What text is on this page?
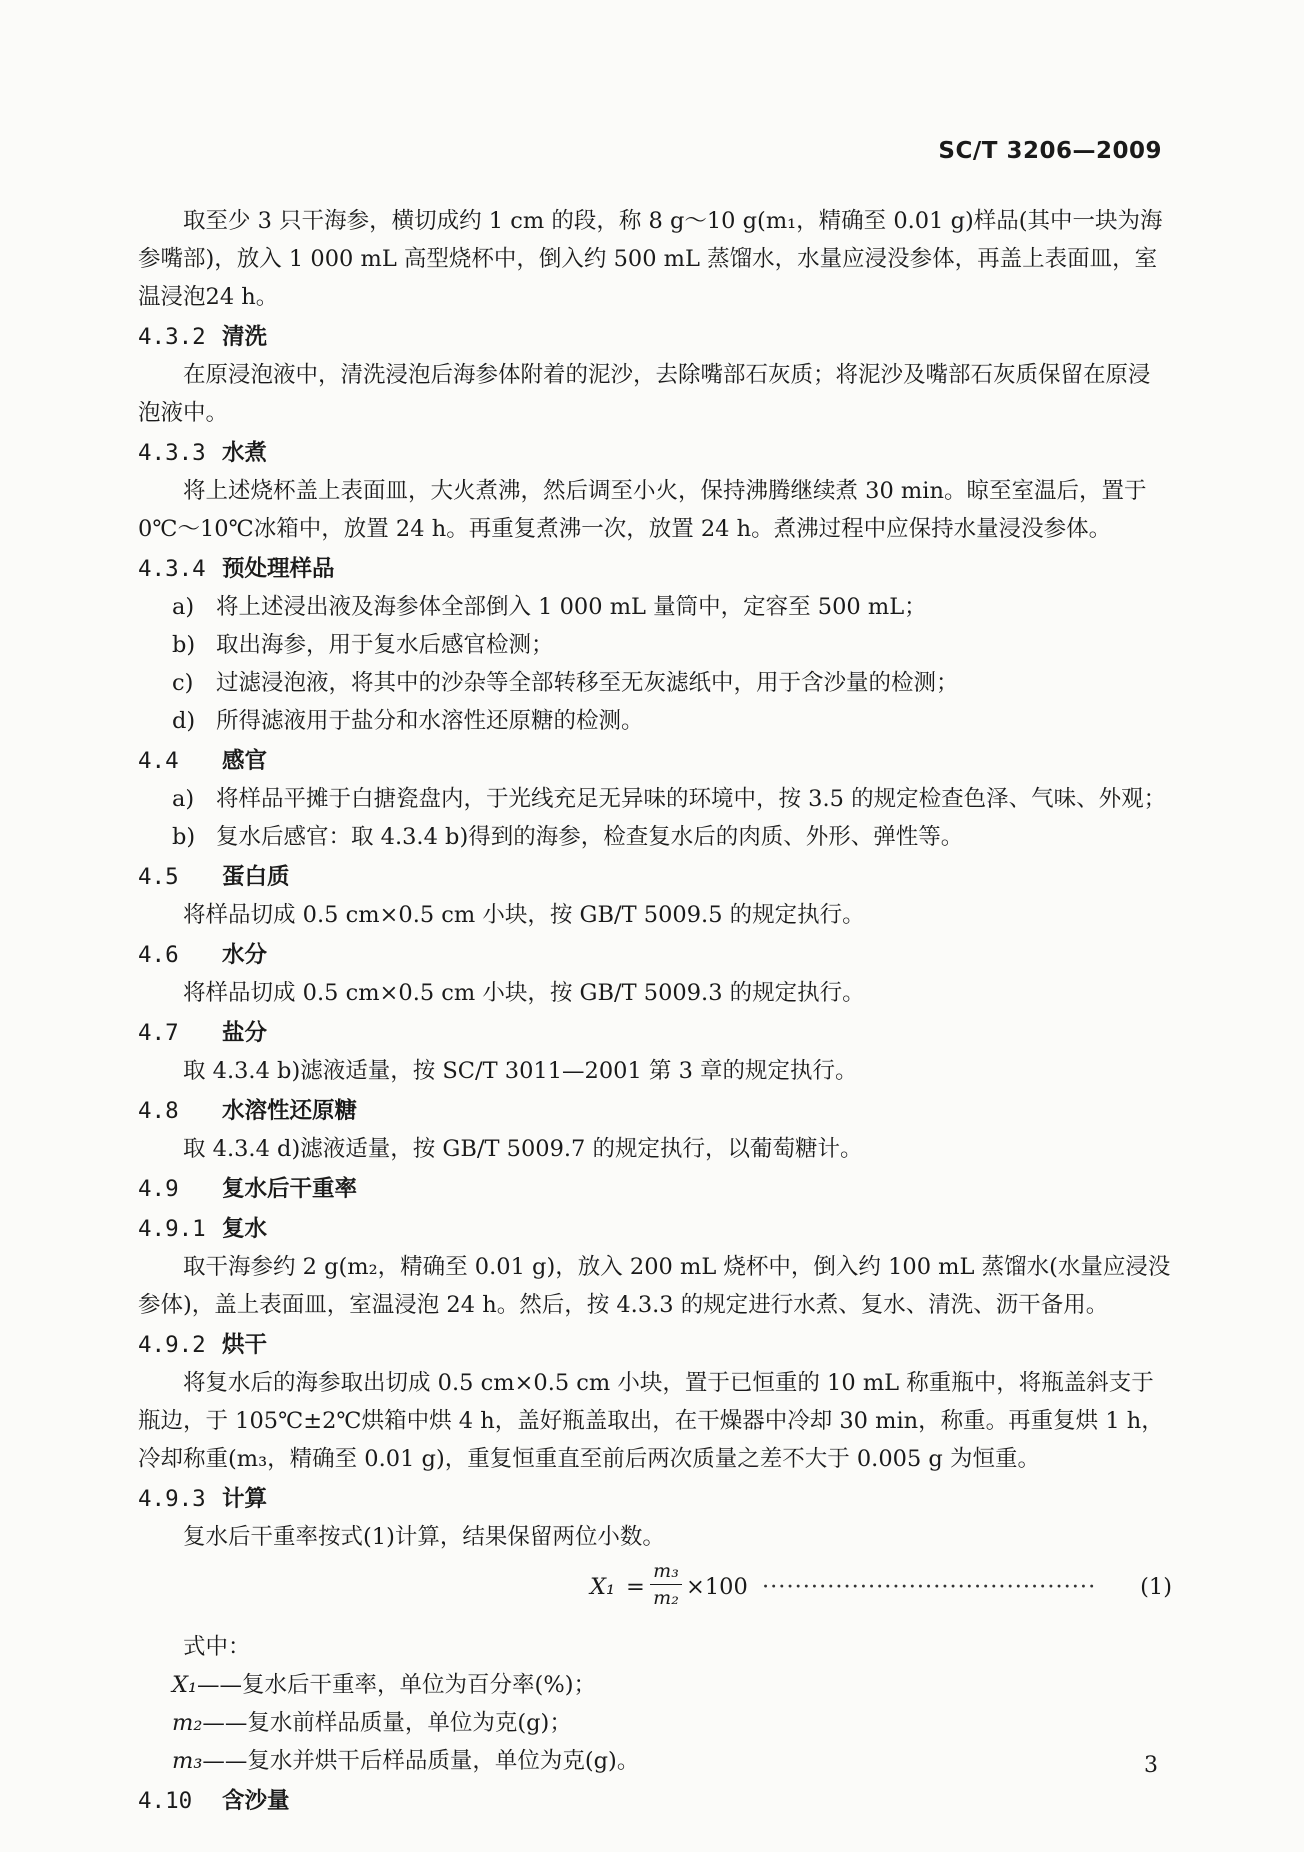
SC/T 3206—2009

取至少 3 只干海参，横切成约 1 cm 的段，称 8 g～10 g(m₁，精确至 0.01 g)样品(其中一块为海参嘴部)，放入 1 000 mL 高型烧杯中，倒入约 500 mL 蒸馏水，水量应浸没参体，再盖上表面皿，室温浸泡24 h。

4.3.2 清洗

在原浸泡液中，清洗浸泡后海参体附着的泥沙，去除嘴部石灰质；将泥沙及嘴部石灰质保留在原浸泡液中。

4.3.3 水煮

将上述烧杯盖上表面皿，大火煮沸，然后调至小火，保持沸腾继续煮 30 min。晾至室温后，置于0℃～10℃冰箱中，放置 24 h。再重复煮沸一次，放置 24 h。煮沸过程中应保持水量浸没参体。

4.3.4 预处理样品

a) 将上述浸出液及海参体全部倒入 1 000 mL 量筒中，定容至 500 mL；

b) 取出海参，用于复水后感官检测；

c) 过滤浸泡液，将其中的沙杂等全部转移至无灰滤纸中，用于含沙量的检测；

d) 所得滤液用于盐分和水溶性还原糖的检测。

4.4 感官

a) 将样品平摊于白搪瓷盘内，于光线充足无异味的环境中，按 3.5 的规定检查色泽、气味、外观；

b) 复水后感官：取 4.3.4 b)得到的海参，检查复水后的肉质、外形、弹性等。

4.5 蛋白质

将样品切成 0.5 cm×0.5 cm 小块，按 GB/T 5009.5 的规定执行。

4.6 水分

将样品切成 0.5 cm×0.5 cm 小块，按 GB/T 5009.3 的规定执行。

4.7 盐分

取 4.3.4 b)滤液适量，按 SC/T 3011—2001 第 3 章的规定执行。

4.8 水溶性还原糖

取 4.3.4 d)滤液适量，按 GB/T 5009.7 的规定执行，以葡萄糖计。

4.9 复水后干重率
4.9.1 复水

取干海参约 2 g(m₂，精确至 0.01 g)，放入 200 mL 烧杯中，倒入约 100 mL 蒸馏水(水量应浸没参体)，盖上表面皿，室温浸泡 24 h。然后，按 4.3.3 的规定进行水煮、复水、清洗、沥干备用。

4.9.2 烘干

将复水后的海参取出切成 0.5 cm×0.5 cm 小块，置于已恒重的 10 mL 称重瓶中，将瓶盖斜支于瓶边，于 105℃±2℃烘箱中烘 4 h，盖好瓶盖取出，在干燥器中冷却 30 min，称重。再重复烘 1 h，冷却称重(m₃，精确至 0.01 g)，重复恒重直至前后两次质量之差不大于 0.005 g 为恒重。

4.9.3 计算

复水后干重率按式(1)计算，结果保留两位小数。

X₁ =
m₃
m₂ ×100 ········································· (1)

式中：

X₁——复水后干重率，单位为百分率(%)；

m₂——复水前样品质量，单位为克(g)；

m₃——复水并烘干后样品质量，单位为克(g)。

4.10 含沙量
3
